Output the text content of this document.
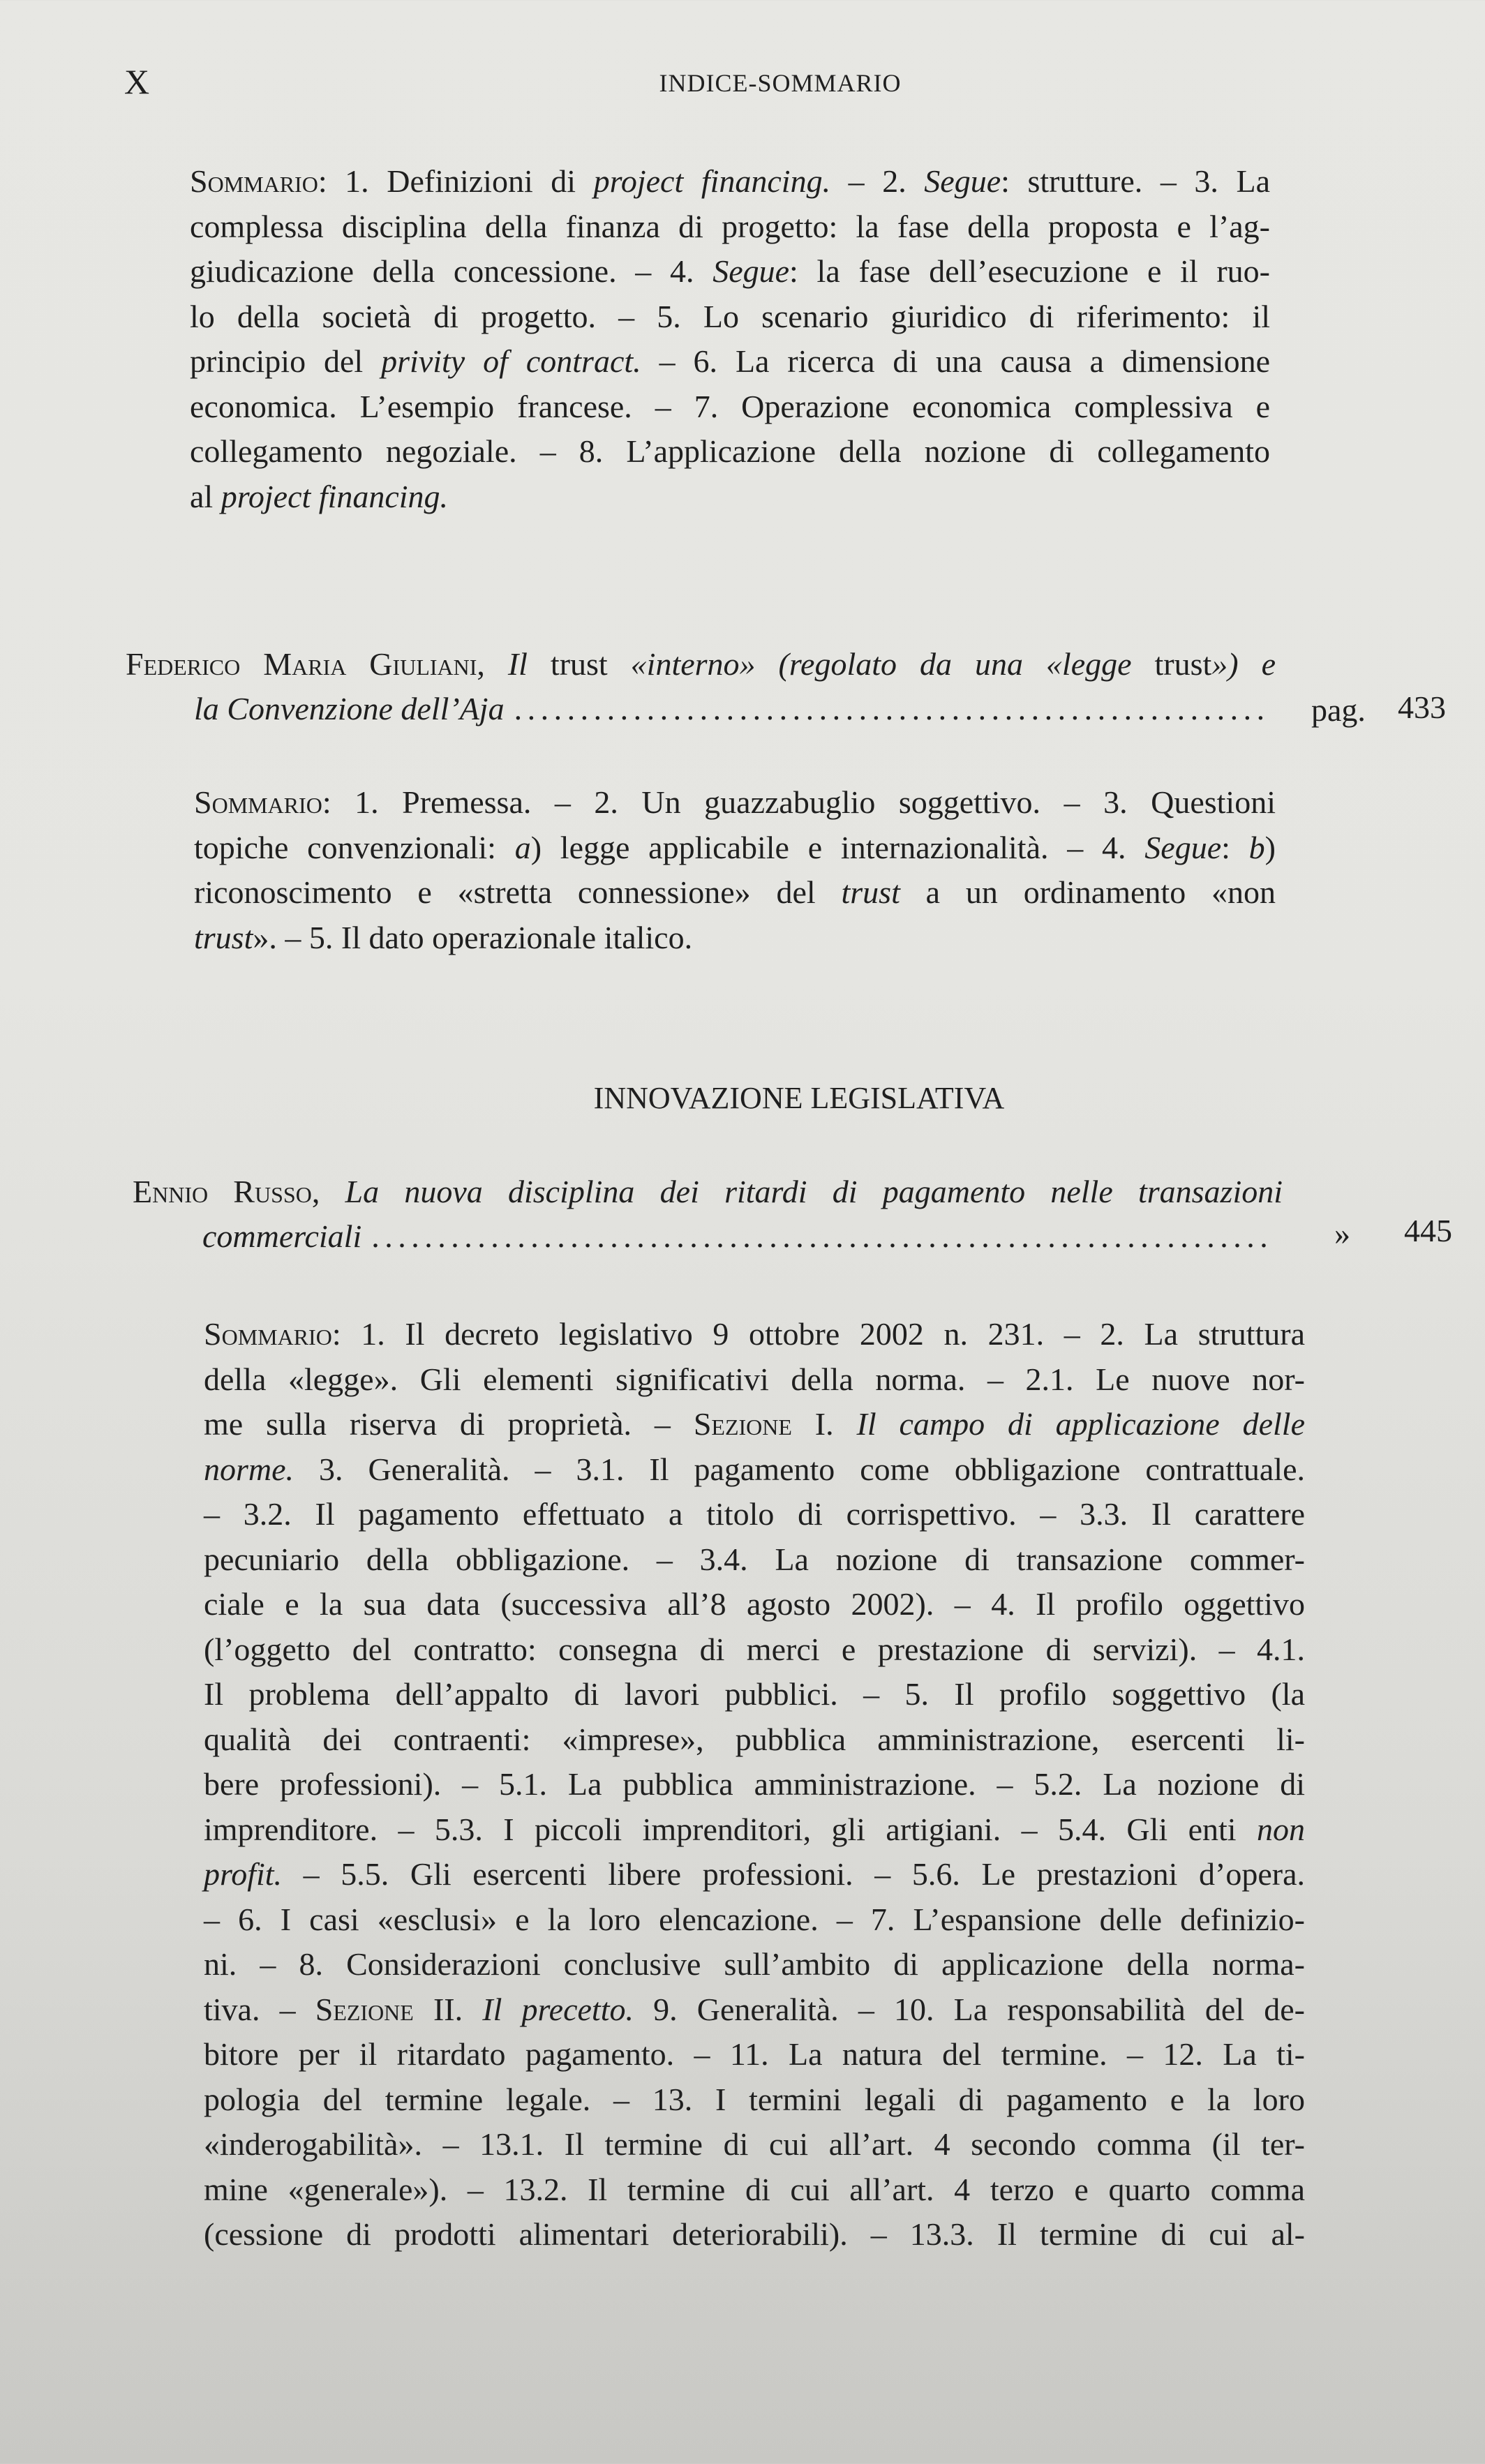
X	INDICE-SOMMARIO
Sommario: 1. Definizioni di project financing. – 2. Segue: strutture. – 3. La
complessa disciplina della finanza di progetto: la fase della proposta e l’ag-
giudicazione della concessione. – 4. Segue: la fase dell’esecuzione e il ruo-
lo della società di progetto. – 5. Lo scenario giuridico di riferimento: il
principio del privity of contract. – 6. La ricerca di una causa a dimensione
economica. L’esempio francese. – 7. Operazione economica complessiva e
collegamento negoziale. – 8. L’applicazione della nozione di collegamento
al project financing.
Federico Maria Giuliani, Il trust «interno» (regolato da una «legge trust») e
la Convenzione dell’Aja . . .	pag. 433
Sommario: 1. Premessa. – 2. Un guazzabuglio soggettivo. – 3. Questioni
topiche convenzionali: a) legge applicabile e internazionalità. – 4. Segue: b)
riconoscimento e «stretta connessione» del trust a un ordinamento «non
trust». – 5. Il dato operazionale italico.
INNOVAZIONE LEGISLATIVA
Ennio Russo, La nuova disciplina dei ritardi di pagamento nelle transazioni
commerciali . . .	» 445
Sommario: 1. Il decreto legislativo 9 ottobre 2002 n. 231. – 2. La struttura
della «legge». Gli elementi significativi della norma. – 2.1. Le nuove nor-
me sulla riserva di proprietà. – Sezione I. Il campo di applicazione delle
norme. 3. Generalità. – 3.1. Il pagamento come obbligazione contrattuale.
– 3.2. Il pagamento effettuato a titolo di corrispettivo. – 3.3. Il carattere
pecuniario della obbligazione. – 3.4. La nozione di transazione commer-
ciale e la sua data (successiva all’8 agosto 2002). – 4. Il profilo oggettivo
(l’oggetto del contratto: consegna di merci e prestazione di servizi). – 4.1.
Il problema dell’appalto di lavori pubblici. – 5. Il profilo soggettivo (la
qualità dei contraenti: «imprese», pubblica amministrazione, esercenti li-
bere professioni). – 5.1. La pubblica amministrazione. – 5.2. La nozione di
imprenditore. – 5.3. I piccoli imprenditori, gli artigiani. – 5.4. Gli enti non
profit. – 5.5. Gli esercenti libere professioni. – 5.6. Le prestazioni d’opera.
– 6. I casi «esclusi» e la loro elencazione. – 7. L’espansione delle definizio-
ni. – 8. Considerazioni conclusive sull’ambito di applicazione della norma-
tiva. – Sezione II. Il precetto. 9. Generalità. – 10. La responsabilità del de-
bitore per il ritardato pagamento. – 11. La natura del termine. – 12. La ti-
pologia del termine legale. – 13. I termini legali di pagamento e la loro
«inderogabilità». – 13.1. Il termine di cui all’art. 4 secondo comma (il ter-
mine «generale»). – 13.2. Il termine di cui all’art. 4 terzo e quarto comma
(cessione di prodotti alimentari deteriorabili). – 13.3. Il termine di cui al-
